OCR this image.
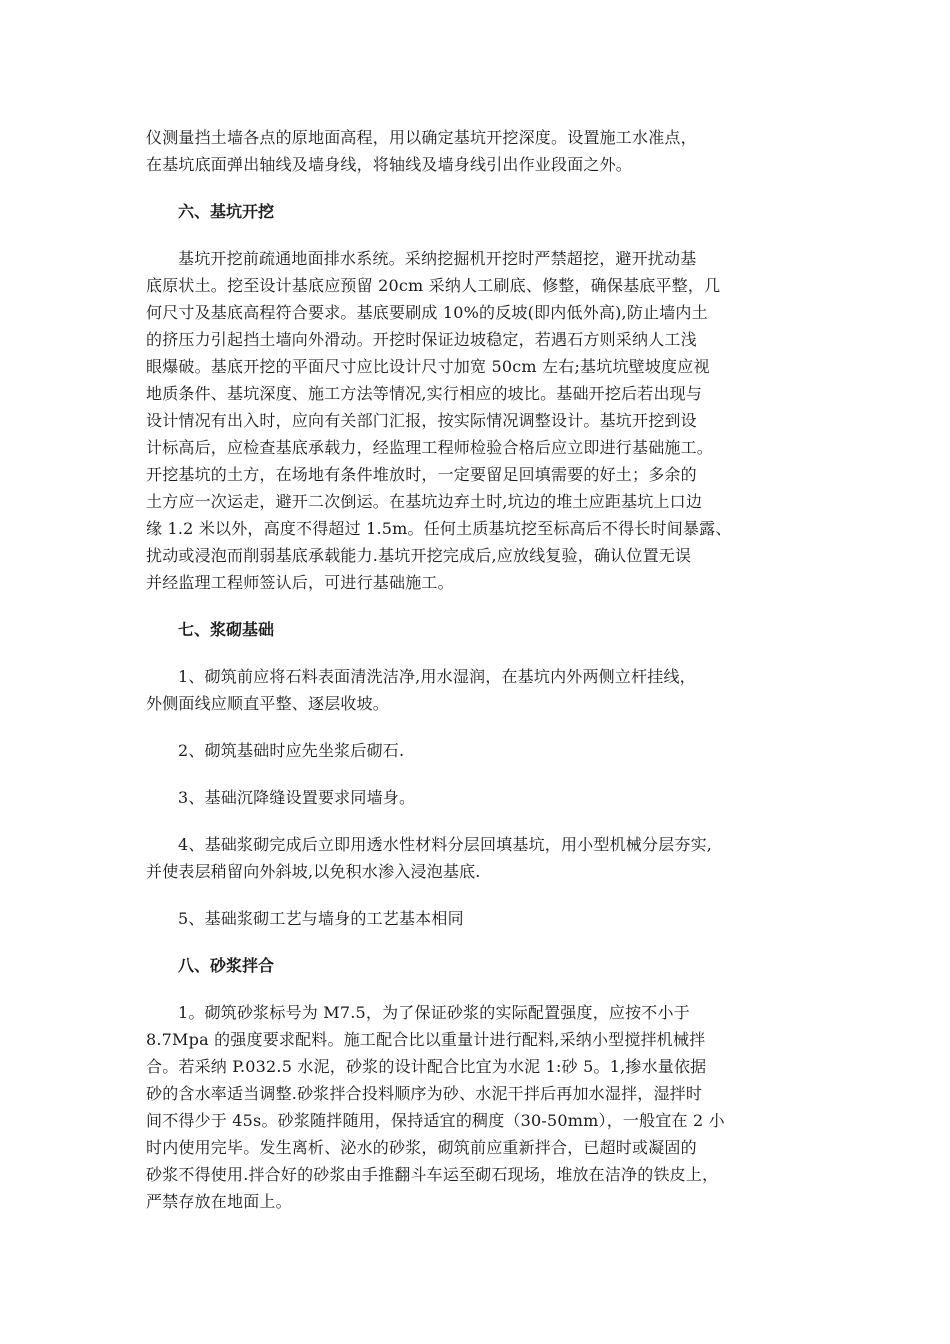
仪测量挡土墙各点的原地面高程，用以确定基坑开挖深度。设置施工水准点，
在基坑底面弹出轴线及墙身线，将轴线及墙身线引出作业段面之外。
六、基坑开挖
基坑开挖前疏通地面排水系统。采纳挖掘机开挖时严禁超挖，避开扰动基
底原状土。挖至设计基底应预留 20cm 采纳人工刷底、修整，确保基底平整，几
何尺寸及基底高程符合要求。基底要刷成 10%的反坡(即内低外高),防止墙内土
的挤压力引起挡土墙向外滑动。开挖时保证边坡稳定，若遇石方则采纳人工浅
眼爆破。基底开挖的平面尺寸应比设计尺寸加宽 50cm 左右;基坑坑壁坡度应视
地质条件、基坑深度、施工方法等情况,实行相应的坡比。基础开挖后若出现与
设计情况有出入时，应向有关部门汇报，按实际情况调整设计。基坑开挖到设
计标高后，应检查基底承载力，经监理工程师检验合格后应立即进行基础施工。
开挖基坑的土方，在场地有条件堆放时，一定要留足回填需要的好土；多余的
土方应一次运走，避开二次倒运。在基坑边弃土时,坑边的堆土应距基坑上口边
缘 1.2 米以外，高度不得超过 1.5m。任何土质基坑挖至标高后不得长时间暴露、
扰动或浸泡而削弱基底承载能力.基坑开挖完成后,应放线复验，确认位置无误
并经监理工程师签认后，可进行基础施工。
七、浆砌基础
1、砌筑前应将石料表面清洗洁净,用水湿润，在基坑内外两侧立杆挂线，
外侧面线应顺直平整、逐层收坡。
2、砌筑基础时应先坐浆后砌石.
3、基础沉降缝设置要求同墙身。
4、基础浆砌完成后立即用透水性材料分层回填基坑，用小型机械分层夯实,
并使表层稍留向外斜坡,以免积水渗入浸泡基底.
5、基础浆砌工艺与墙身的工艺基本相同
八、砂浆拌合
1。砌筑砂浆标号为 M7.5，为了保证砂浆的实际配置强度，应按不小于
8.7Mpa 的强度要求配料。施工配合比以重量计进行配料,采纳小型搅拌机械拌
合。若采纳 P.032.5 水泥，砂浆的设计配合比宜为水泥 1:砂 5。1,掺水量依据
砂的含水率适当调整.砂浆拌合投料顺序为砂、水泥干拌后再加水湿拌，湿拌时
间不得少于 45s。砂浆随拌随用，保持适宜的稠度（30-50mm），一般宜在 2 小
时内使用完毕。发生离析、泌水的砂浆，砌筑前应重新拌合，已超时或凝固的
砂浆不得使用.拌合好的砂浆由手推翻斗车运至砌石现场，堆放在洁净的铁皮上，
严禁存放在地面上。
